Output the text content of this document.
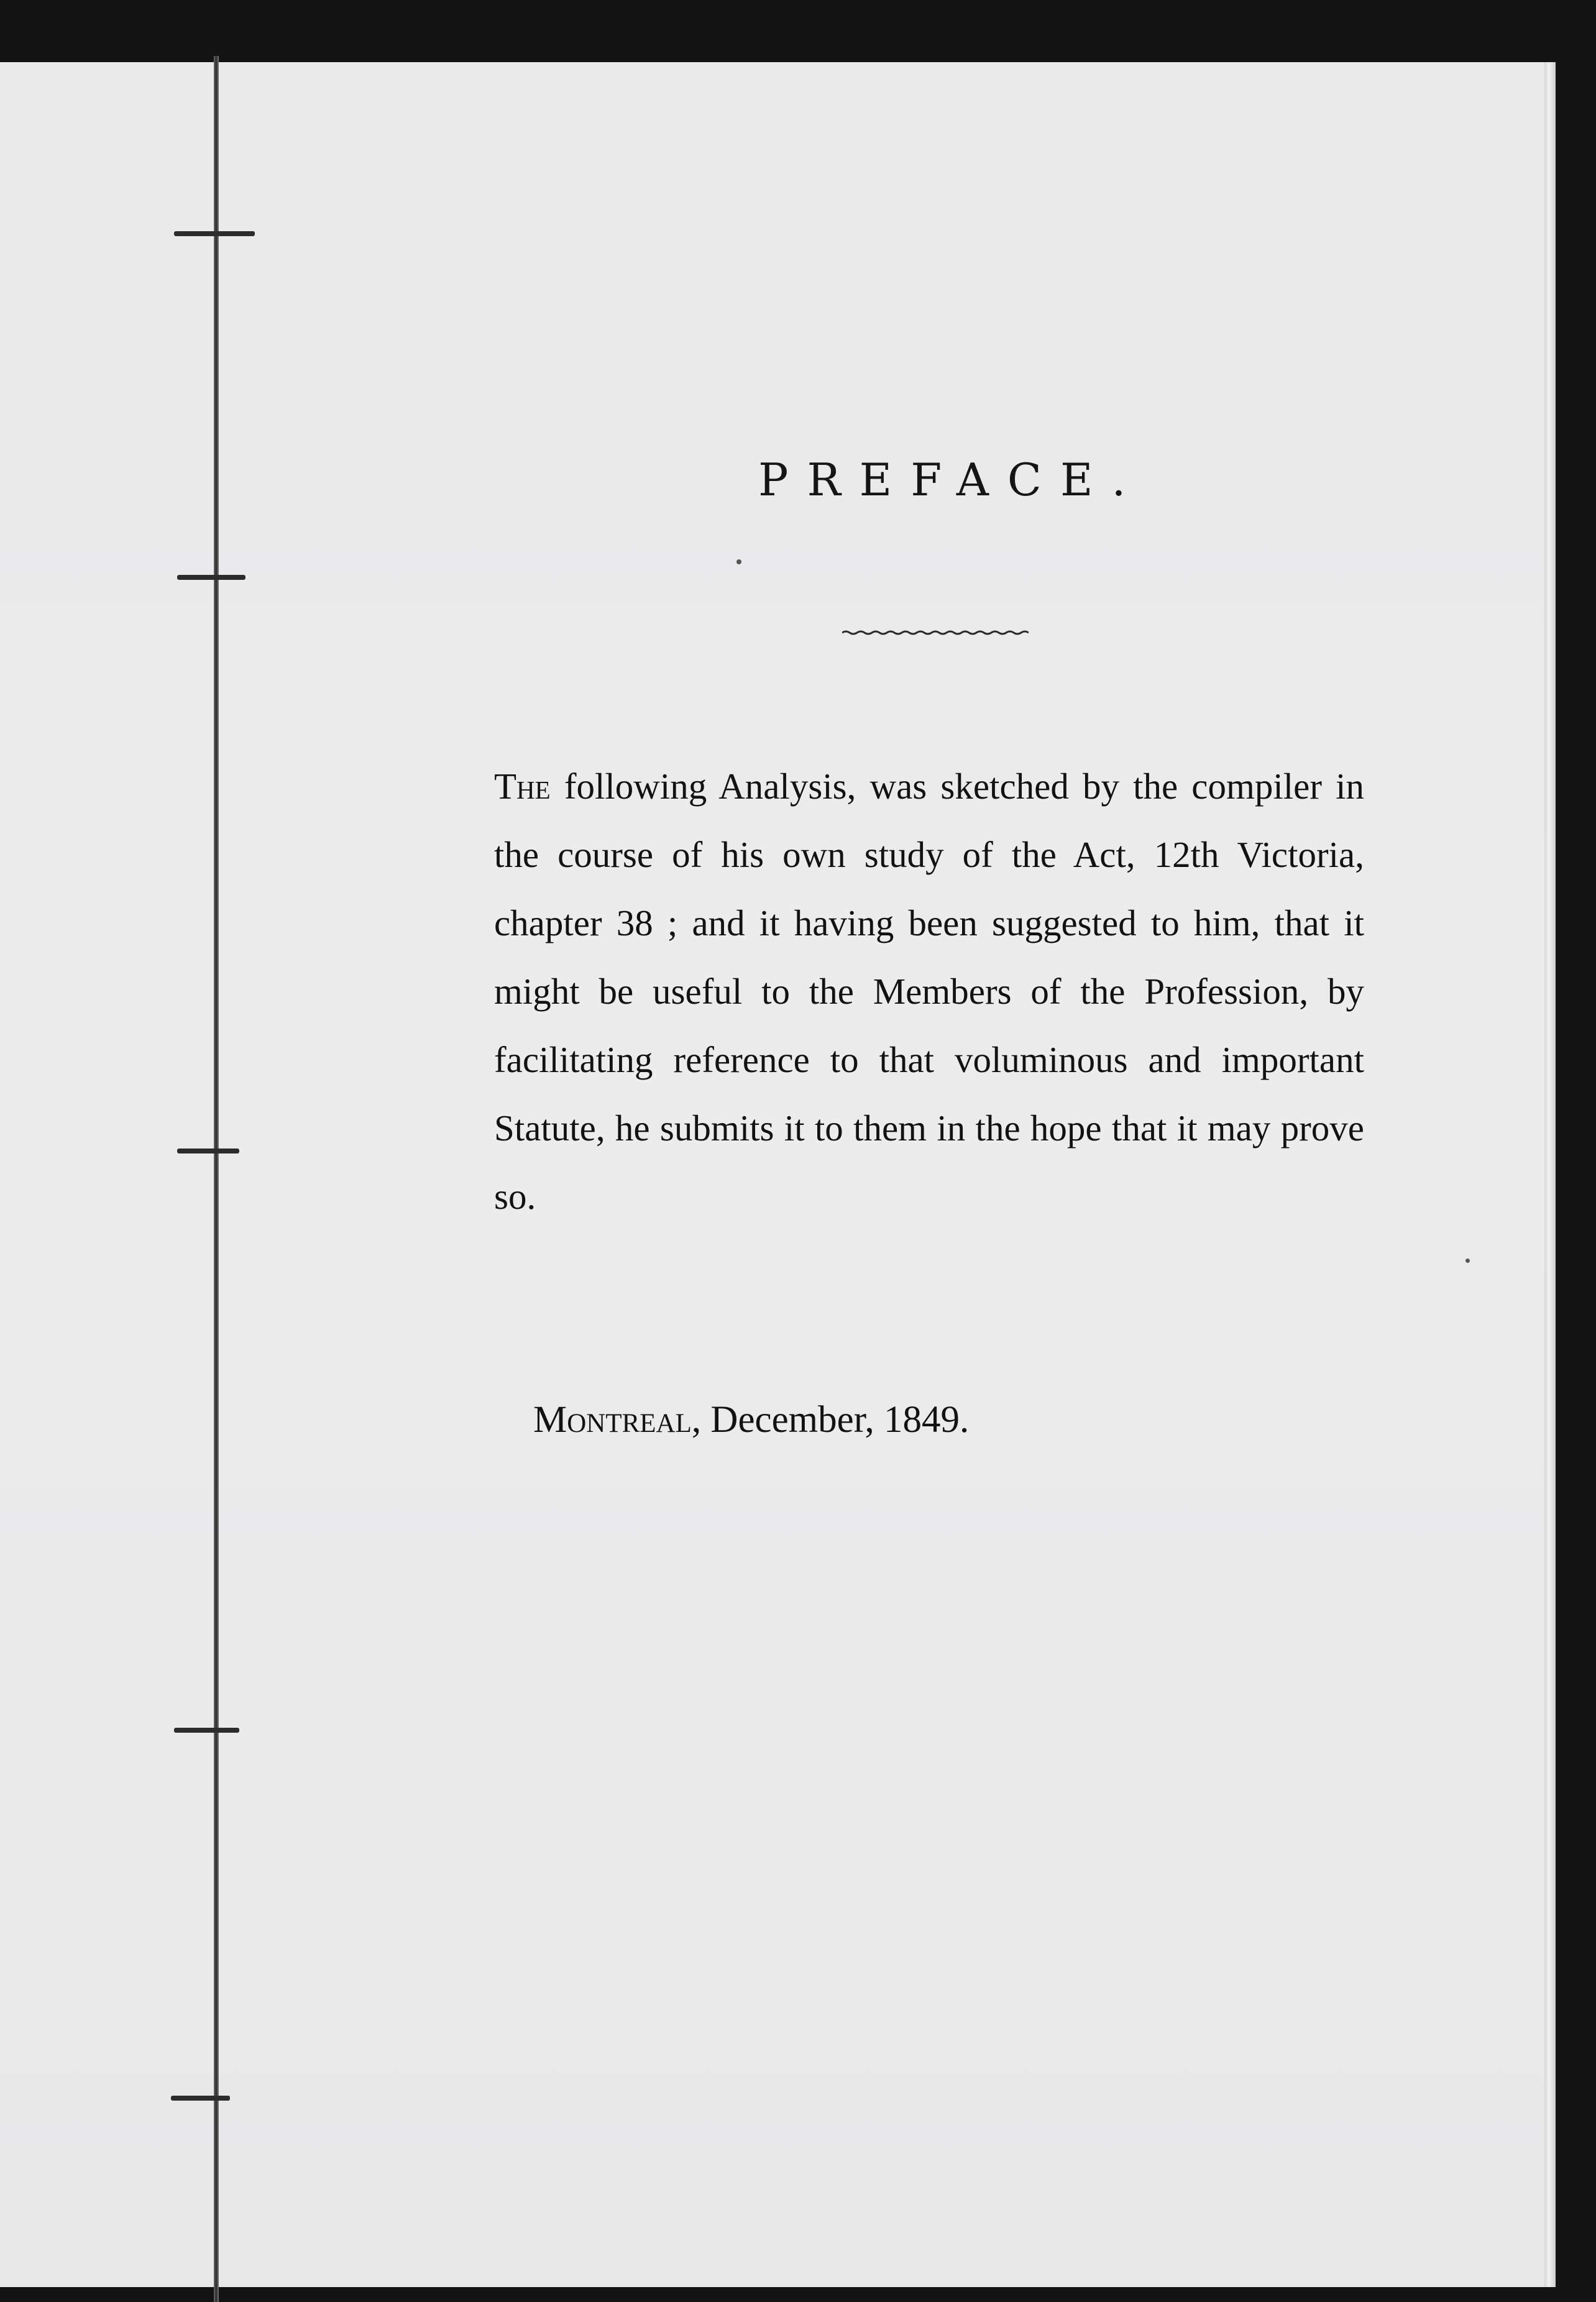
PREFACE.

The following Analysis, was sketched by the compiler in the course of his own study of the Act, 12th Victoria, chapter 38 ; and it having been suggested to him, that it might be useful to the Members of the Profession, by facilitating reference to that voluminous and important Statute, he submits it to them in the hope that it may prove so.

Montreal, December, 1849.
